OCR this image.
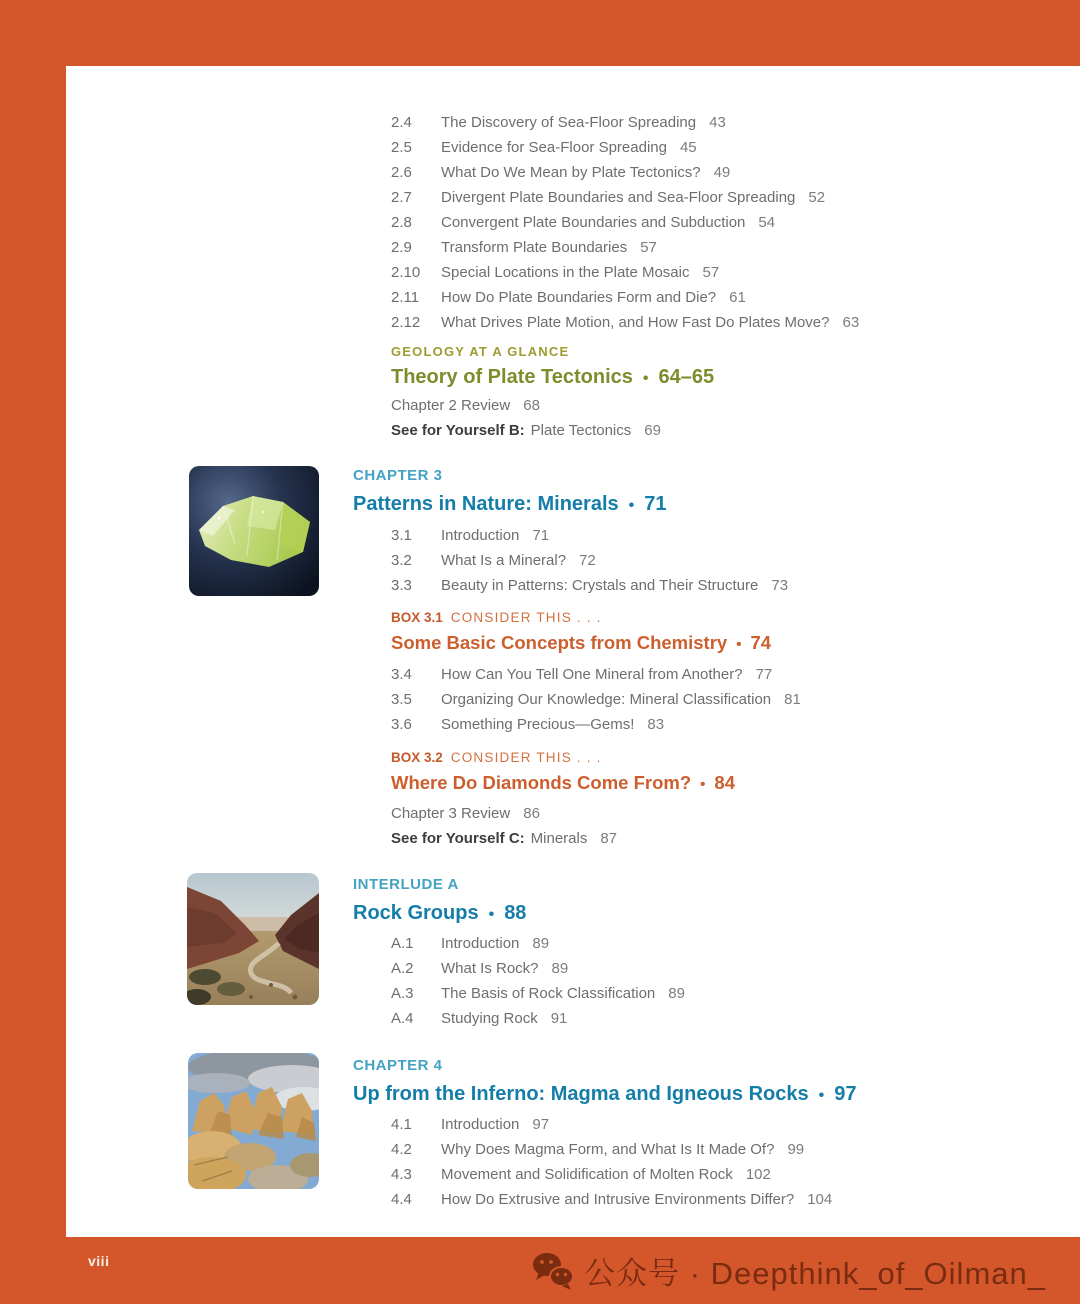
2.4 The Discovery of Sea-Floor Spreading 43
2.5 Evidence for Sea-Floor Spreading 45
2.6 What Do We Mean by Plate Tectonics? 49
2.7 Divergent Plate Boundaries and Sea-Floor Spreading 52
2.8 Convergent Plate Boundaries and Subduction 54
2.9 Transform Plate Boundaries 57
2.10 Special Locations in the Plate Mosaic 57
2.11 How Do Plate Boundaries Form and Die? 61
2.12 What Drives Plate Motion, and How Fast Do Plates Move? 63
GEOLOGY AT A GLANCE
Theory of Plate Tectonics • 64–65
Chapter 2 Review 68
See for Yourself B: Plate Tectonics 69
CHAPTER 3
Patterns in Nature: Minerals • 71
3.1 Introduction 71
3.2 What Is a Mineral? 72
3.3 Beauty in Patterns: Crystals and Their Structure 73
BOX 3.1 CONSIDER THIS . . .
Some Basic Concepts from Chemistry • 74
3.4 How Can You Tell One Mineral from Another? 77
3.5 Organizing Our Knowledge: Mineral Classification 81
3.6 Something Precious—Gems! 83
BOX 3.2 CONSIDER THIS . . .
Where Do Diamonds Come From? • 84
Chapter 3 Review 86
See for Yourself C: Minerals 87
INTERLUDE A
Rock Groups • 88
A.1 Introduction 89
A.2 What Is Rock? 89
A.3 The Basis of Rock Classification 89
A.4 Studying Rock 91
CHAPTER 4
Up from the Inferno: Magma and Igneous Rocks • 97
4.1 Introduction 97
4.2 Why Does Magma Form, and What Is It Made Of? 99
4.3 Movement and Solidification of Molten Rock 102
4.4 How Do Extrusive and Intrusive Environments Differ? 104
viii	公众号 · Deepthink_of_Oilman_
